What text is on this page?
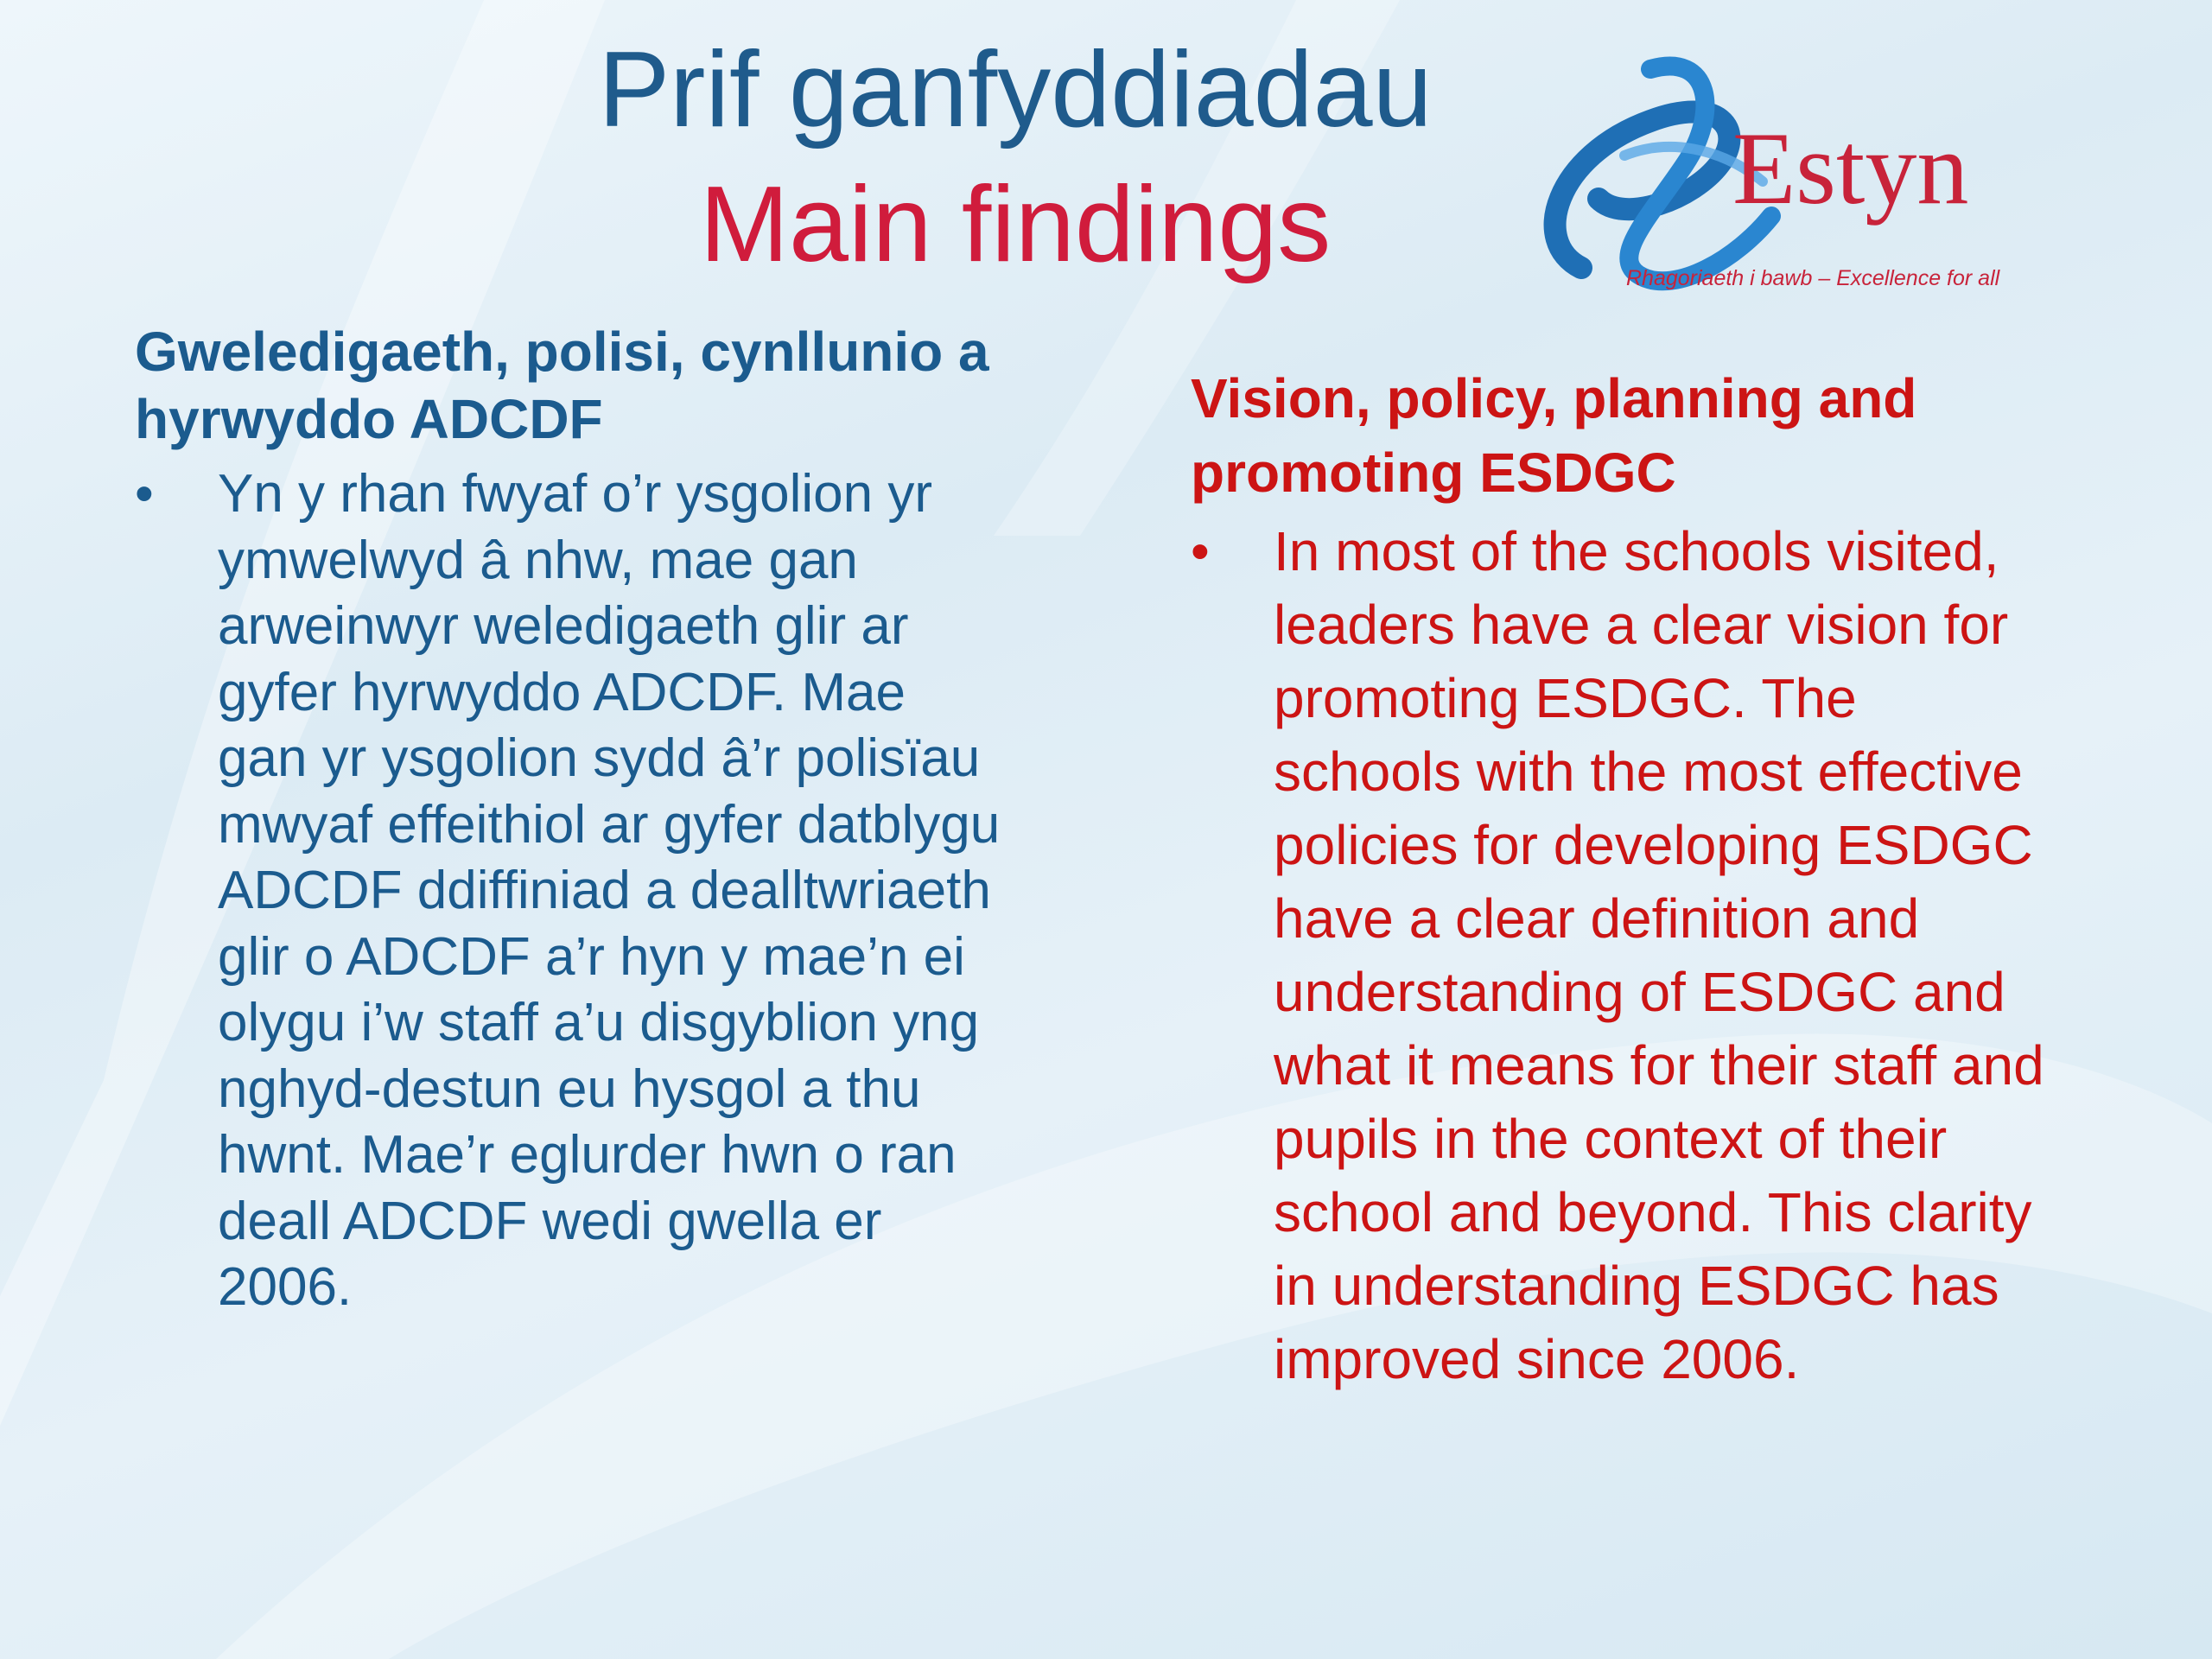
Prif ganfyddiadau
Main findings	Estyn
Rhagoriaeth i bawb – Excellence for all
Gweledigaeth, polisi, cynllunio a
hyrwyddo ADCDF
•	Yn y rhan fwyaf o’r ysgolion yr
ymwelwyd â nhw, mae gan
arweinwyr weledigaeth glir ar
gyfer hyrwyddo ADCDF. Mae
gan yr ysgolion sydd â’r polisïau
mwyaf effeithiol ar gyfer datblygu
ADCDF ddiffiniad a dealltwriaeth
glir o ADCDF a’r hyn y mae’n ei
olygu i’w staff a’u disgyblion yng
nghyd-destun eu hysgol a thu
hwnt. Mae’r eglurder hwn o ran
deall ADCDF wedi gwella er
2006.
Vision, policy, planning and
promoting ESDGC
•	In most of the schools visited,
leaders have a clear vision for
promoting ESDGC. The
schools with the most effective
policies for developing ESDGC
have a clear definition and
understanding of ESDGC and
what it means for their staff and
pupils in the context of their
school and beyond. This clarity
in understanding ESDGC has
improved since 2006.
